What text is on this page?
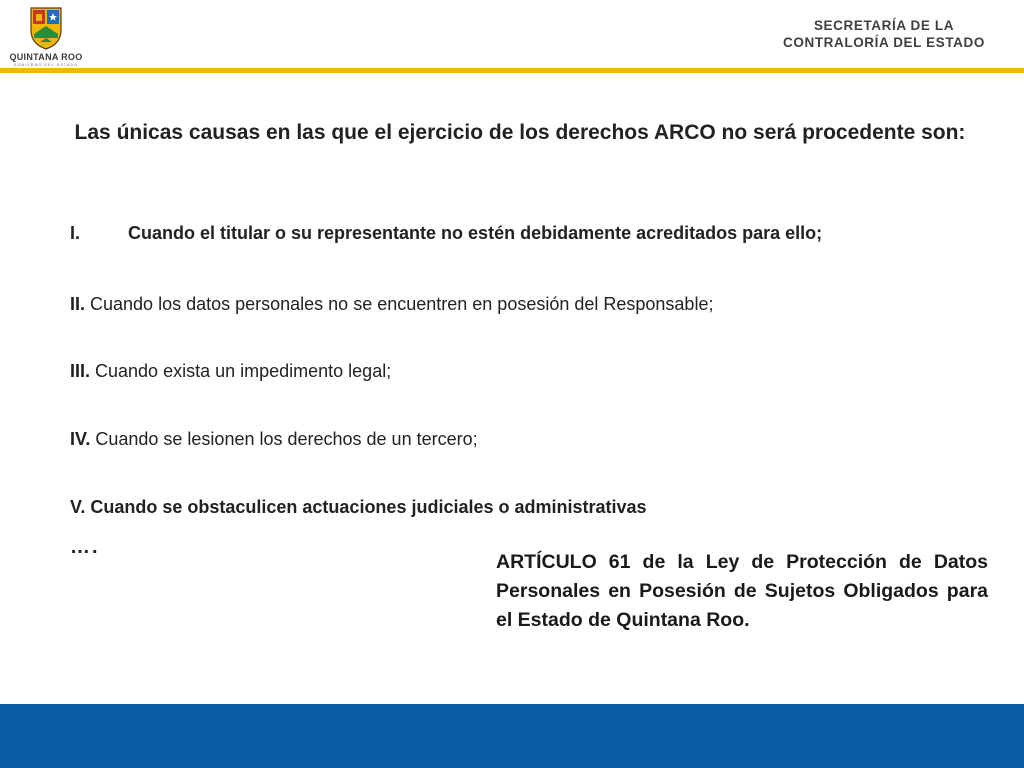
QUINTANA ROO
GOBIERNO DEL ESTADO
SECRETARÍA DE LA
CONTRALORÍA DEL ESTADO
Las únicas causas en las que el ejercicio de los derechos ARCO no será procedente son:
I.	Cuando el titular o su representante no estén debidamente acreditados para ello;
II. Cuando los datos personales no se encuentren en posesión del Responsable;
III. Cuando exista un impedimento legal;
IV. Cuando se lesionen los derechos de un tercero;
V. Cuando se obstaculicen actuaciones judiciales o administrativas
….
ARTÍCULO 61 de la Ley de Protección de Datos Personales en Posesión de Sujetos Obligados para el Estado de Quintana Roo.
